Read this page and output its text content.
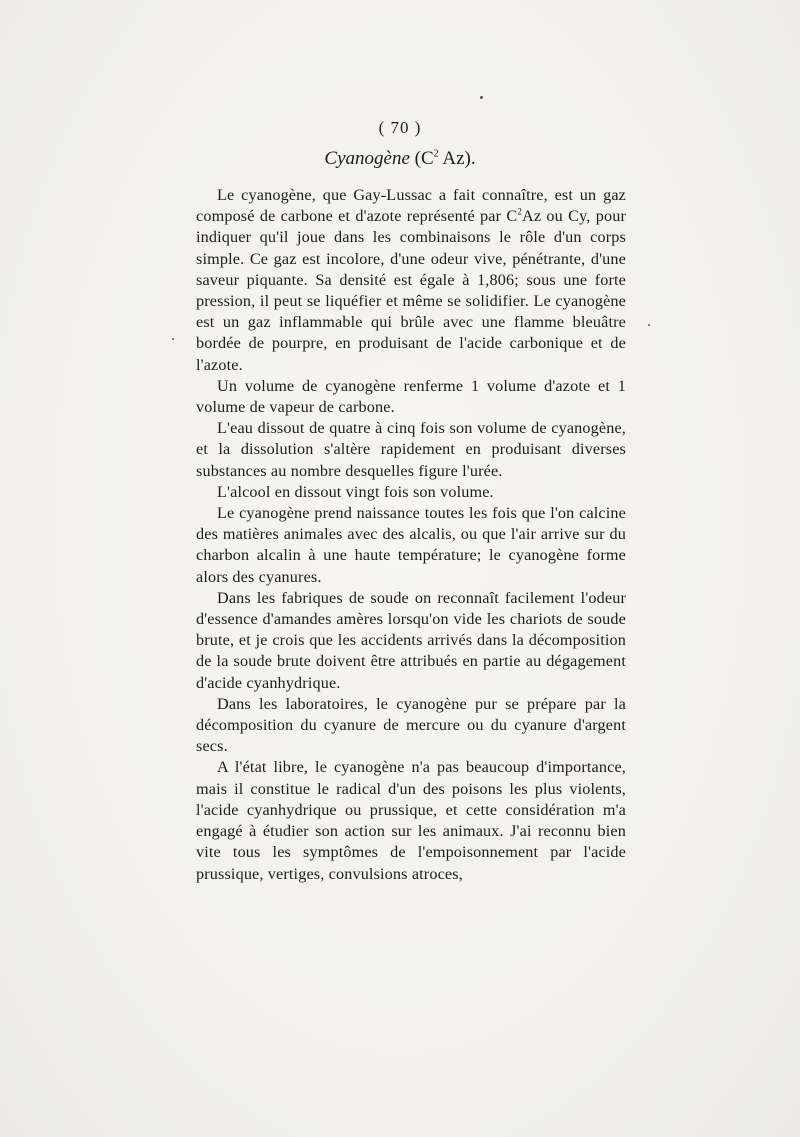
( 70 )
Cyanogène ($C^2$ Az).

Le cyanogène, que Gay-Lussac a fait connaître, est un gaz composé de carbone et d'azote représenté par $C^2Az$ ou Cy, pour indiquer qu'il joue dans les combinaisons le rôle d'un corps simple. Ce gaz est incolore, d'une odeur vive, pénétrante, d'une saveur piquante. Sa densité est égale à 1,806; sous une forte pression, il peut se liquéfier et même se solidifier. Le cyanogène est un gaz inflammable qui brûle avec une flamme bleuâtre bordée de pourpre, en produisant de l'acide carbonique et de l'azote.

Un volume de cyanogène renferme 1 volume d'azote et 1 volume de vapeur de carbone.

L'eau dissout de quatre à cinq fois son volume de cyanogène, et la dissolution s'altère rapidement en produisant diverses substances au nombre desquelles figure l'urée.

L'alcool en dissout vingt fois son volume.

Le cyanogène prend naissance toutes les fois que l'on calcine des matières animales avec des alcalis, ou que l'air arrive sur du charbon alcalin à une haute température; le cyanogène forme alors des cyanures.

Dans les fabriques de soude on reconnaît facilement l'odeur d'essence d'amandes amères lorsqu'on vide les chariots de soude brute, et je crois que les accidents arrivés dans la décomposition de la soude brute doivent être attribués en partie au dégagement d'acide cyanhydrique.

Dans les laboratoires, le cyanogène pur se prépare par la décomposition du cyanure de mercure ou du cyanure d'argent secs.

A l'état libre, le cyanogène n'a pas beaucoup d'importance, mais il constitue le radical d'un des poisons les plus violents, l'acide cyanhydrique ou prussique, et cette considération m'a engagé à étudier son action sur les animaux. J'ai reconnu bien vite tous les symptômes de l'empoisonnement par l'acide prussique, vertiges, convulsions atroces,
